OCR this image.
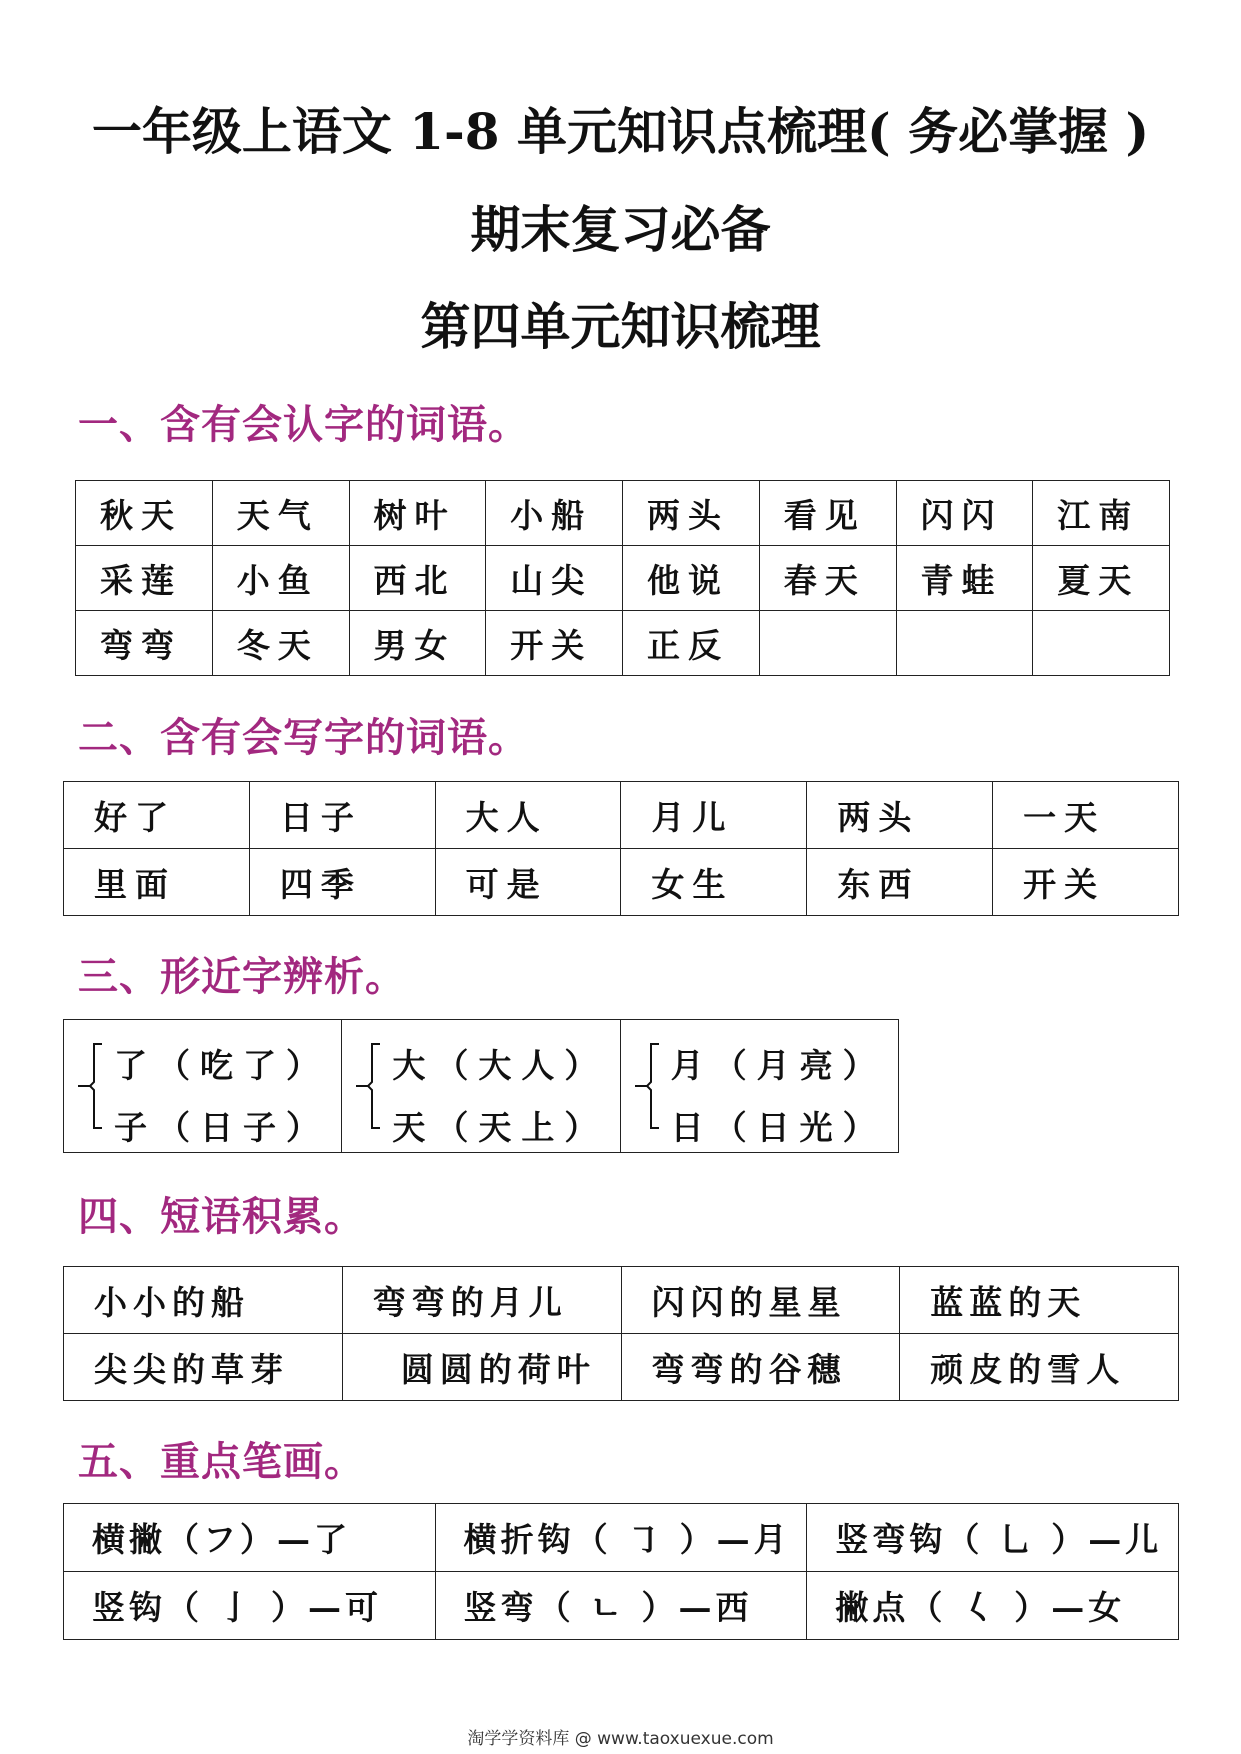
一年级上语文 1-8 单元知识点梳理( 务必掌握 )
期末复习必备
第四单元知识梳理
一、含有会认字的词语。
秋天	天气	树叶	小船	两头	看见	闪闪	江南
采莲	小鱼	西北	山尖	他说	春天	青蛙	夏天
弯弯	冬天	男女	开关	正反			
二、含有会写字的词语。
好了	日子	大人	月儿	两头	一天
里面	四季	可是	女生	东西	开关
三、形近字辨析。
了（吃了）
子（日子）

大（大人）
天（天上）

月（月亮）
日（日光）
四、短语积累。
小小的船	弯弯的月儿	闪闪的星星	蓝蓝的天
尖尖的草芽	圆圆的荷叶	弯弯的谷穗	顽皮的雪人
五、重点笔画。
横撇（フ）—了	横折钩（ ㇆ ）—月	竖弯钩（ 乚 ）—儿
竖钩（ 亅 ）—可	竖弯（ ㄴ ）—西	撇点（ 𡿨 ）—女
淘学学资料库 @ www.taoxuexue.com
